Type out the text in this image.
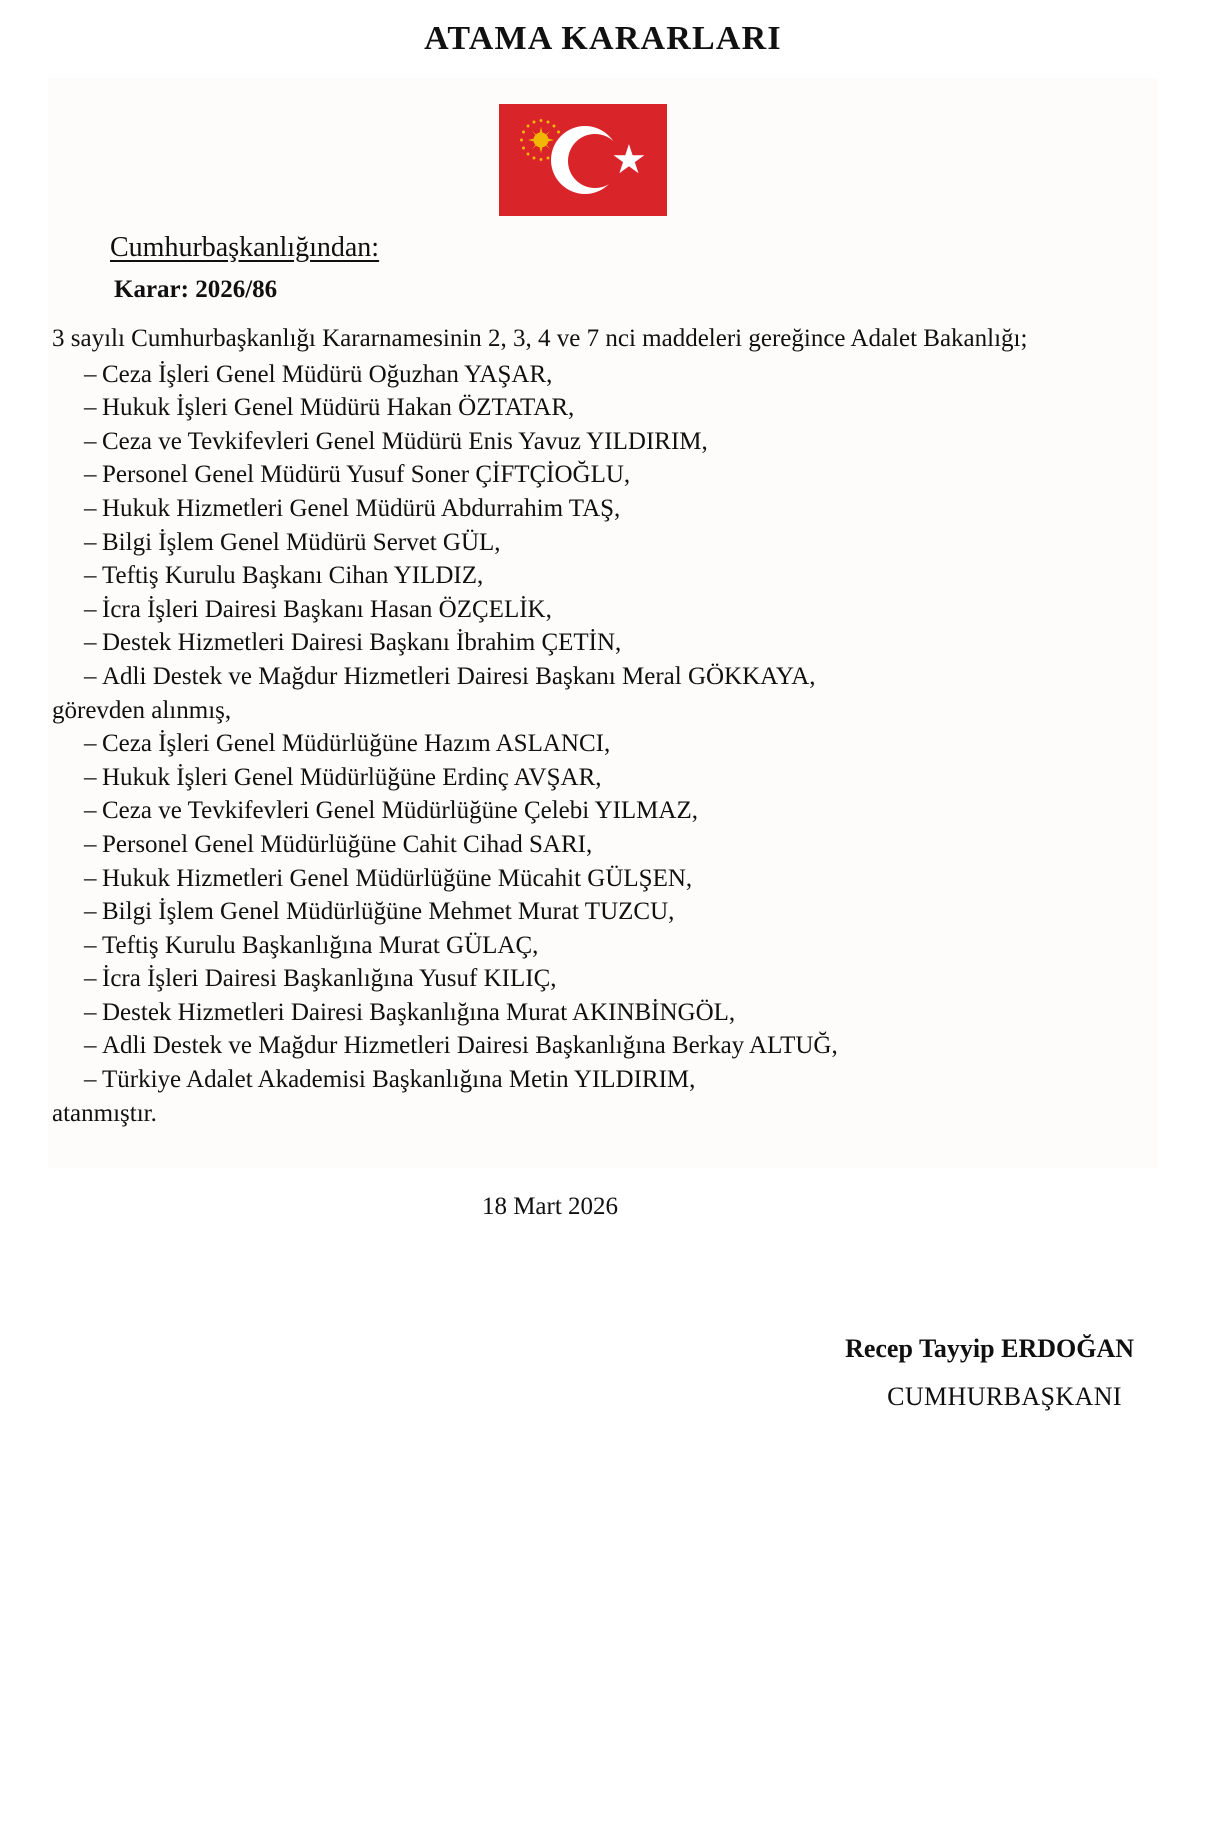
ATAMA KARARLARI
★
Cumhurbaşkanlığından:
Karar: 2026/86

3 sayılı Cumhurbaşkanlığı Kararnamesinin 2, 3, 4 ve 7 nci maddeleri gereğince Adalet Bakanlığı;

– Ceza İşleri Genel Müdürü Oğuzhan YAŞAR,
– Hukuk İşleri Genel Müdürü Hakan ÖZTATAR,
– Ceza ve Tevkifevleri Genel Müdürü Enis Yavuz YILDIRIM,
– Personel Genel Müdürü Yusuf Soner ÇİFTÇİOĞLU,
– Hukuk Hizmetleri Genel Müdürü Abdurrahim TAŞ,
– Bilgi İşlem Genel Müdürü Servet GÜL,
– Teftiş Kurulu Başkanı Cihan YILDIZ,
– İcra İşleri Dairesi Başkanı Hasan ÖZÇELİK,
– Destek Hizmetleri Dairesi Başkanı İbrahim ÇETİN,
– Adli Destek ve Mağdur Hizmetleri Dairesi Başkanı Meral GÖKKAYA,

görevden alınmış,

– Ceza İşleri Genel Müdürlüğüne Hazım ASLANCI,
– Hukuk İşleri Genel Müdürlüğüne Erdinç AVŞAR,
– Ceza ve Tevkifevleri Genel Müdürlüğüne Çelebi YILMAZ,
– Personel Genel Müdürlüğüne Cahit Cihad SARI,
– Hukuk Hizmetleri Genel Müdürlüğüne Mücahit GÜLŞEN,
– Bilgi İşlem Genel Müdürlüğüne Mehmet Murat TUZCU,
– Teftiş Kurulu Başkanlığına Murat GÜLAÇ,
– İcra İşleri Dairesi Başkanlığına Yusuf KILIÇ,
– Destek Hizmetleri Dairesi Başkanlığına Murat AKINBİNGÖL,
– Adli Destek ve Mağdur Hizmetleri Dairesi Başkanlığına Berkay ALTUĞ,
– Türkiye Adalet Akademisi Başkanlığına Metin YILDIRIM,

atanmıştır.

18 Mart 2026
Recep Tayyip ERDOĞAN
CUMHURBAŞKANI
